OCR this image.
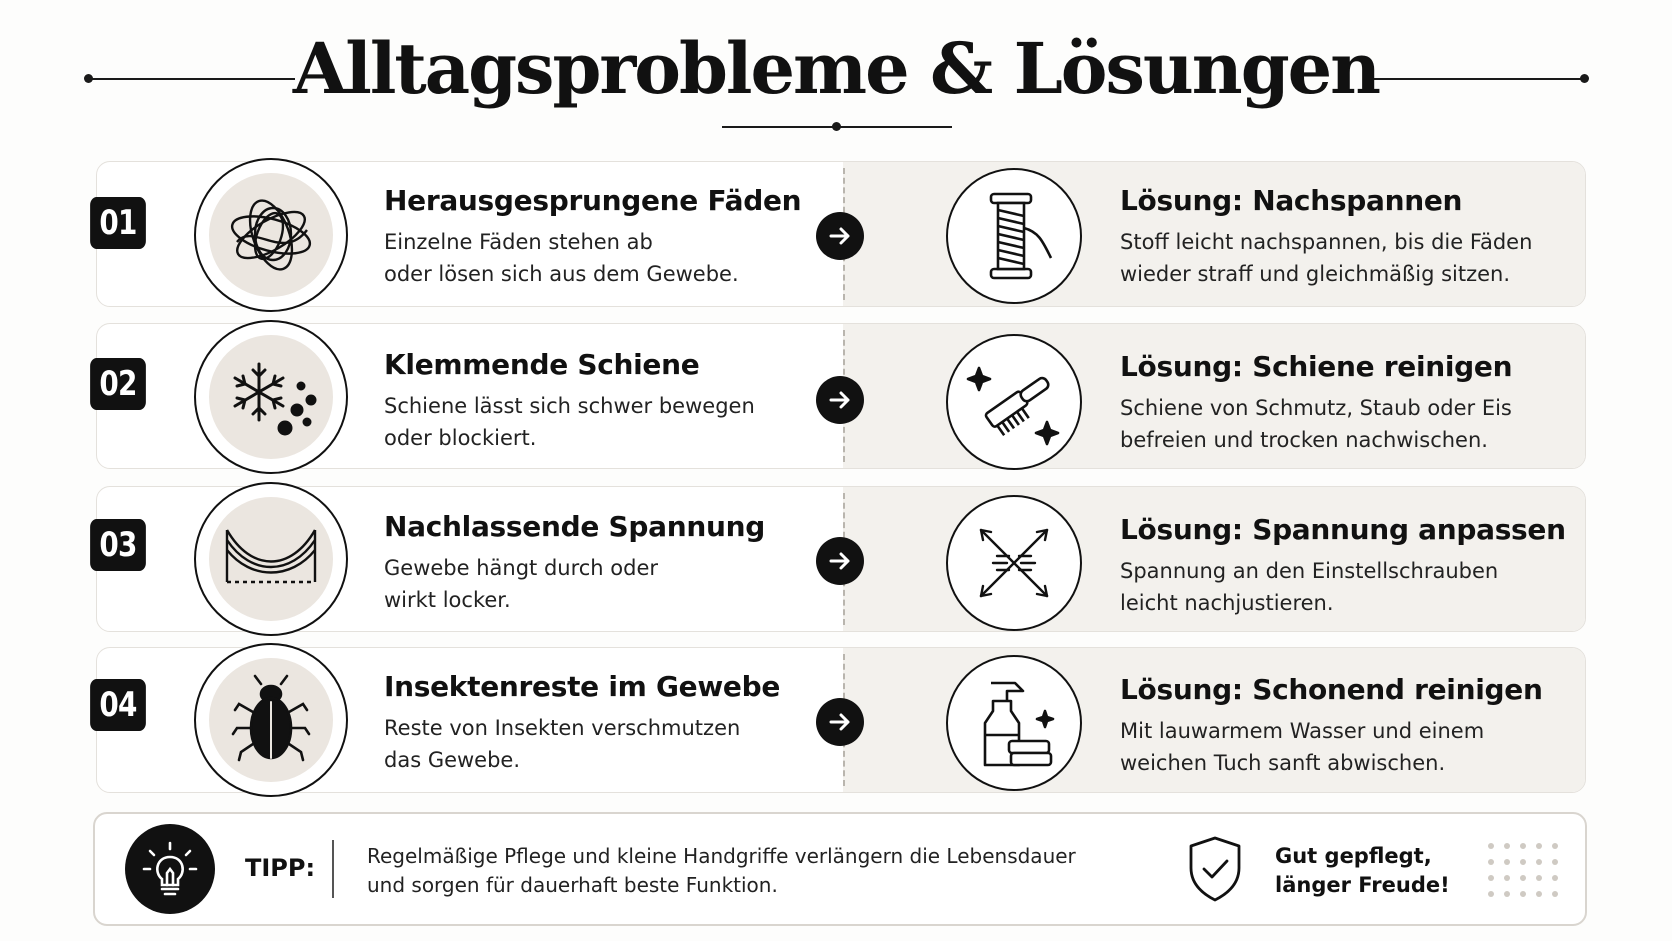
Alltagsprobleme & Lösungen
01
Herausgesprungene Fäden
Einzelne Fäden stehen ab
oder lösen sich aus dem Gewebe.
Lösung: Nachspannen
Stoff leicht nachspannen, bis die Fäden
wieder straff und gleichmäßig sitzen.
02	Klemmende Schiene
Schiene lässt sich schwer bewegen
oder blockiert.
Lösung: Schiene reinigen
Schiene von Schmutz, Staub oder Eis
befreien und trocken nachwischen.
03	Nachlassende Spannung
Gewebe hängt durch oder
wirkt locker.
Lösung: Spannung anpassen
Spannung an den Einstellschrauben
leicht nachjustieren.
04	Insektenreste im Gewebe
Reste von Insekten verschmutzen
das Gewebe.
Lösung: Schonend reinigen
Mit lauwarmem Wasser und einem
weichen Tuch sanft abwischen.
TIPP:	Regelmäßige Pflege und kleine Handgriffe verlängern die Lebensdauer
und sorgen für dauerhaft beste Funktion.
Gut gepflegt,
länger Freude!
